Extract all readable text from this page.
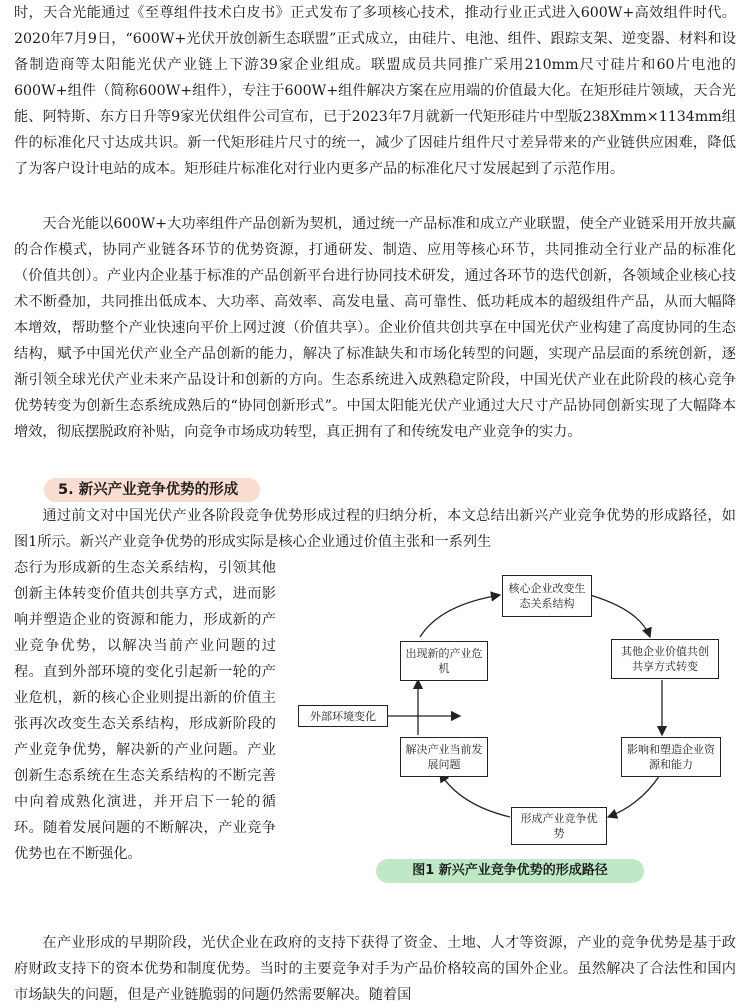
时，天合光能通过《至尊组件技术白皮书》正式发布了多项核心技术，推动行业正式进入600W+高效组件时代。2020年7月9日，“600W+光伏开放创新生态联盟”正式成立，由硅片、电池、组件、跟踪支架、逆变器、材料和设备制造商等太阳能光伏产业链上下游39家企业组成。联盟成员共同推广采用210mm尺寸硅片和60片电池的600W+组件（简称600W+组件），专注于600W+组件解决方案在应用端的价值最大化。在矩形硅片领域，天合光能、阿特斯、东方日升等9家光伏组件公司宣布，已于2023年7月就新一代矩形硅片中型版238Xmm×1134mm组件的标准化尺寸达成共识。新一代矩形硅片尺寸的统一，减少了因硅片组件尺寸差异带来的产业链供应困难，降低了为客户设计电站的成本。矩形硅片标准化对行业内更多产品的标准化尺寸发展起到了示范作用。

天合光能以600W+大功率组件产品创新为契机，通过统一产品标准和成立产业联盟，使全产业链采用开放共赢的合作模式，协同产业链各环节的优势资源，打通研发、制造、应用等核心环节，共同推动全行业产品的标准化（价值共创）。产业内企业基于标准的产品创新平台进行协同技术研发，通过各环节的迭代创新，各领域企业核心技术不断叠加，共同推出低成本、大功率、高效率、高发电量、高可靠性、低功耗成本的超级组件产品，从而大幅降本增效，帮助整个产业快速向平价上网过渡（价值共享）。企业价值共创共享在中国光伏产业构建了高度协同的生态结构，赋予中国光伏产业全产品创新的能力，解决了标准缺失和市场化转型的问题，实现产品层面的系统创新，逐渐引领全球光伏产业未来产品设计和创新的方向。生态系统进入成熟稳定阶段，中国光伏产业在此阶段的核心竞争优势转变为创新生态系统成熟后的“协同创新形式”。中国太阳能光伏产业通过大尺寸产品协同创新实现了大幅降本增效，彻底摆脱政府补贴，向竞争市场成功转型，真正拥有了和传统发电产业竞争的实力。

5. 新兴产业竞争优势的形成

通过前文对中国光伏产业各阶段竞争优势形成过程的归纳分析，本文总结出新兴产业竞争优势的形成路径，如图1所示。新兴产业竞争优势的形成实际是核心企业通过价值主张和一系列生

态行为形成新的生态关系结构，引领其他创新主体转变价值共创共享方式，进而影响并塑造企业的资源和能力，形成新的产业竞争优势，以解决当前产业问题的过程。直到外部环境的变化引起新一轮的产业危机，新的核心企业则提出新的价值主张再次改变生态关系结构，形成新阶段的产业竞争优势，解决新的产业问题。产业创新生态系统在生态关系结构的不断完善中向着成熟化演进，并开启下一轮的循环。随着发展问题的不断解决，产业竞争优势也在不断强化。

核心企业改变生态关系结构
其他企业价值共创共享方式转变
影响和塑造企业资源和能力
形成产业竞争优势
解决产业当前发展问题
出现新的产业危机
外部环境变化
图1 新兴产业竞争优势的形成路径

在产业形成的早期阶段，光伏企业在政府的支持下获得了资金、土地、人才等资源，产业的竞争优势是基于政府财政支持下的资本优势和制度优势。当时的主要竞争对手为产品价格较高的国外企业。虽然解决了合法性和国内市场缺失的问题，但是产业链脆弱的问题仍然需要解决。随着国
